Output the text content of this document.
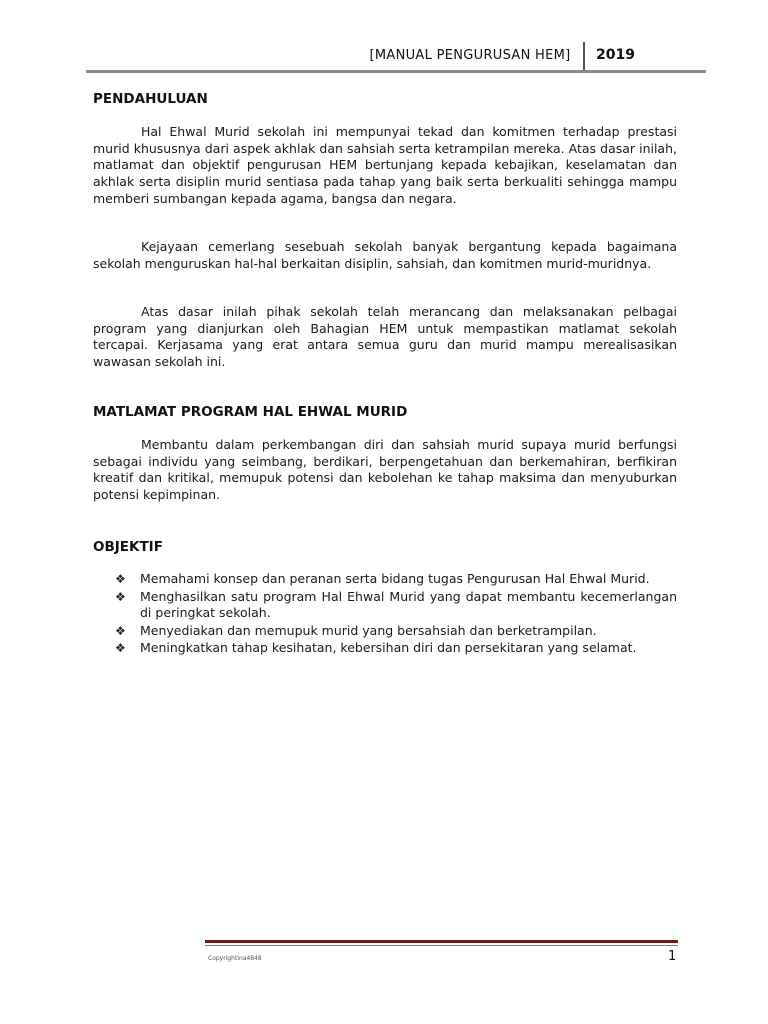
[MANUAL PENGURUSAN HEM]	2019
PENDAHULUAN

Hal Ehwal Murid sekolah ini mempunyai tekad dan komitmen terhadap prestasi murid khususnya dari aspek akhlak dan sahsiah serta ketrampilan mereka. Atas dasar inilah, matlamat dan objektif pengurusan HEM bertunjang kepada kebajikan, keselamatan dan akhlak serta disiplin murid sentiasa pada tahap yang baik serta berkualiti sehingga mampu memberi sumbangan kepada agama, bangsa dan negara.

Kejayaan cemerlang sesebuah sekolah banyak bergantung kepada bagaimana sekolah menguruskan hal-hal berkaitan disiplin, sahsiah, dan komitmen murid-muridnya.

Atas dasar inilah pihak sekolah telah merancang dan melaksanakan pelbagai program yang dianjurkan oleh Bahagian HEM untuk mempastikan matlamat sekolah tercapai. Kerjasama yang erat antara semua guru dan murid mampu merealisasikan wawasan sekolah ini.

MATLAMAT PROGRAM HAL EHWAL MURID

Membantu dalam perkembangan diri dan sahsiah murid supaya murid berfungsi sebagai individu yang seimbang, berdikari, berpengetahuan dan berkemahiran, berfikiran kreatif dan kritikal, memupuk potensi dan kebolehan ke tahap maksima dan menyuburkan potensi kepimpinan.

OBJEKTIF
❖	Memahami konsep dan peranan serta bidang tugas Pengurusan Hal Ehwal Murid.
❖	Menghasilkan satu program Hal Ehwal Murid yang dapat membantu kecemerlangan di peringkat sekolah.
❖	Menyediakan dan memupuk murid yang bersahsiah dan berketrampilan.
❖	Meningkatkan tahap kesihatan, kebersihan diri dan persekitaran yang selamat.
Copyrightina4848	1
